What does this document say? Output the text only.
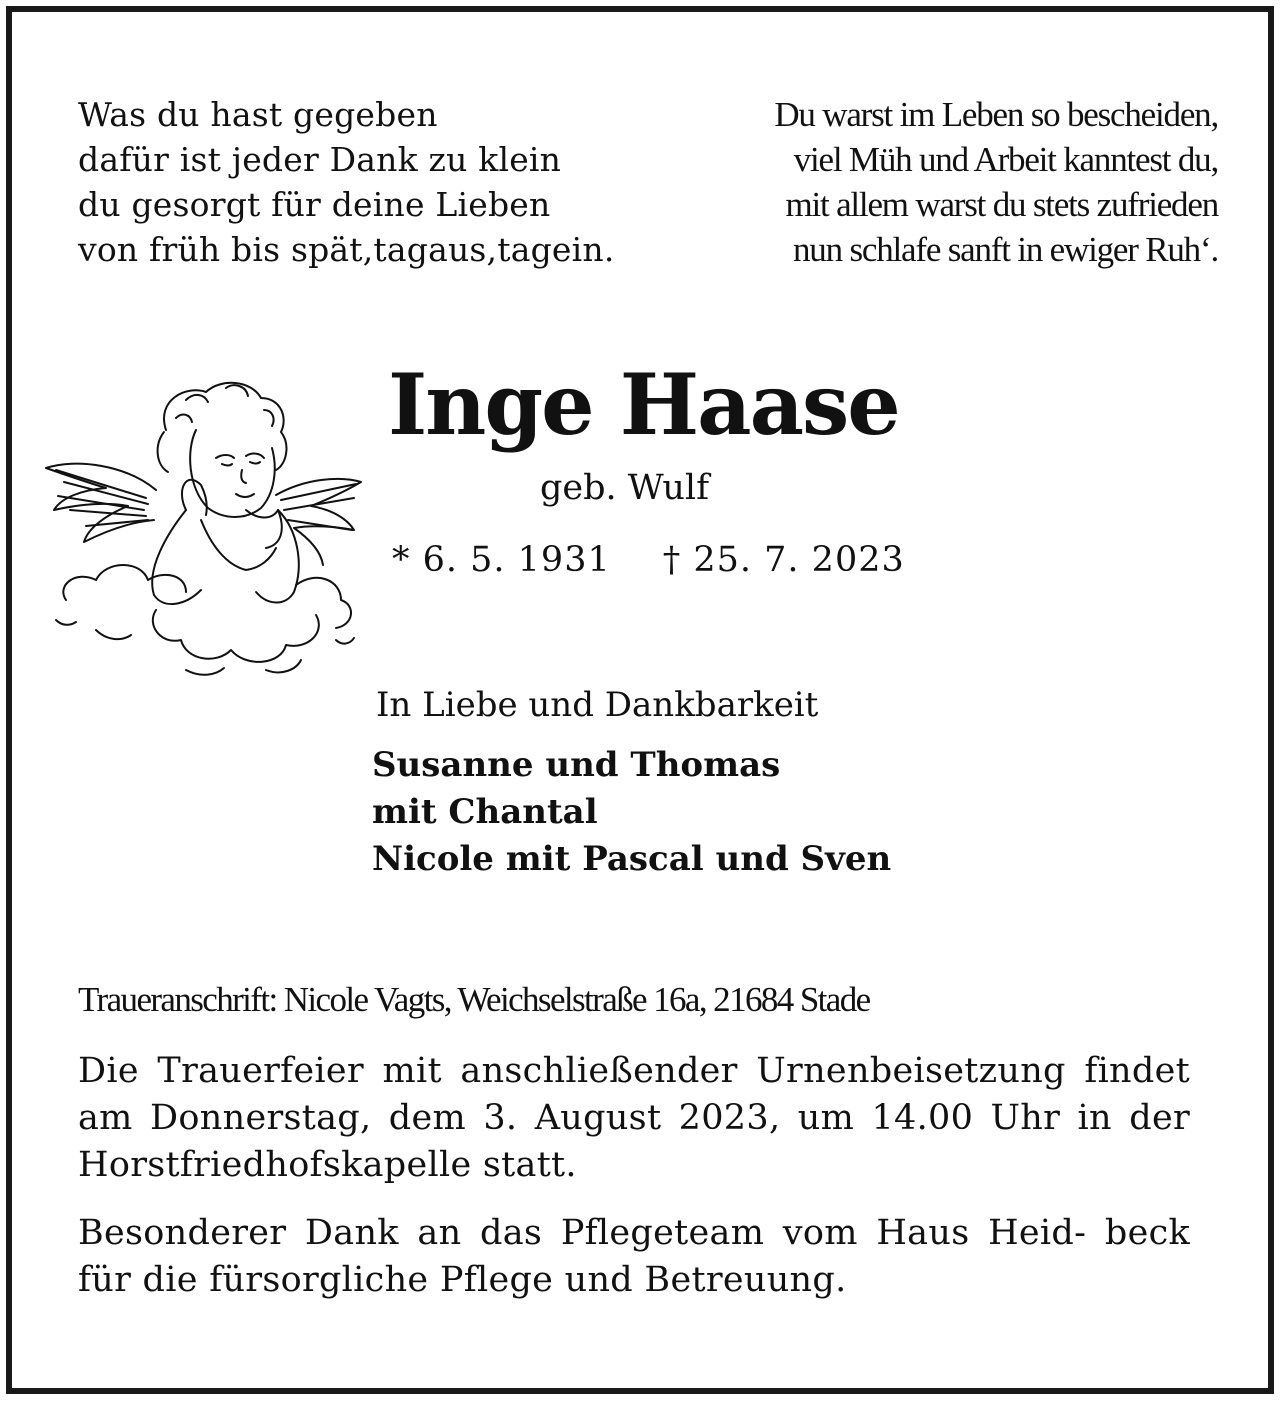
Was du hast gegeben
dafür ist jeder Dank zu klein
du gesorgt für deine Lieben
von früh bis spät,tagaus,tagein.
Du warst im Leben so bescheiden,
viel Müh und Arbeit kanntest du,
mit allem warst du stets zufrieden
nun schlafe sanft in ewiger Ruh‘.
Inge Haase
geb. Wulf
* 6. 5. 1931 † 25. 7. 2023
In Liebe und Dankbarkeit
Susanne und Thomas
mit Chantal
Nicole mit Pascal und Sven
Traueranschrift: Nicole Vagts, Weichselstraße 16a, 21684 Stade
Die Trauerfeier mit anschließender Urnenbeisetzung findet am Donnerstag, dem 3. August 2023, um 14.00 Uhr in der Horstfriedhofskapelle statt.
Besonderer Dank an das Pflegeteam vom Haus Heid- beck für die fürsorgliche Pflege und Betreuung.
